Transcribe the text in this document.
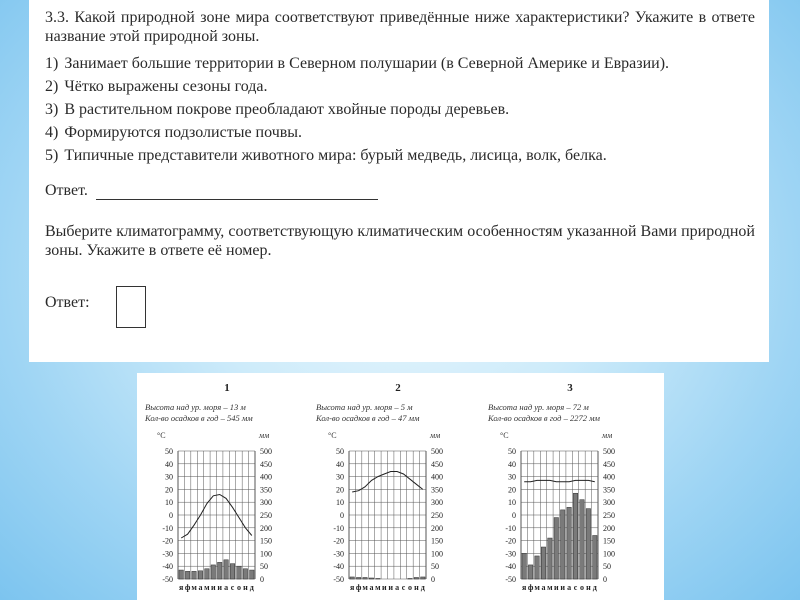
3.3. Какой природной зоне мира соответствуют приведённые ниже характеристики? Укажите в ответе название этой природной зоны.

1) Занимает большие территории в Северном полушарии (в Северной Америке и Евразии).
2) Чётко выражены сезоны года.
3) В растительном покрове преобладают хвойные породы деревьев.
4) Формируются подзолистые почвы.
5) Типичные представители животного мира: бурый медведь, лисица, волк, белка.
Ответ.

Выберите климатограмму, соответствующую климатическим особенностям указанной Вами природной зоны. Укажите в ответе её номер.

Ответ:
1
Высота над ур. моря – 13 м
Кол-во осадков в год – 545 мм
°С	мм
50
40
30
20
10
0
-10
-20
-30
-40
-50
500
450
400
350
300
250
200
150
100
50
0
я ф м а м и и а с о н д
2
Высота над ур. моря – 5 м
Кол-во осадков в год – 47 мм
°С	мм
50
40
30
20
10
0
-10
-20
-30
-40
-50
500
450
400
350
300
250
200
150
100
50
0
я ф м а м и и а с о н д
3
Высота над ур. моря – 72 м
Кол-во осадков в год – 2272 мм
°С	мм
50
40
30
20
10
0
-10
-20
-30
-40
-50
500
450
400
350
300
250
200
150
100
50
0
я ф м а м и и а с о н д
